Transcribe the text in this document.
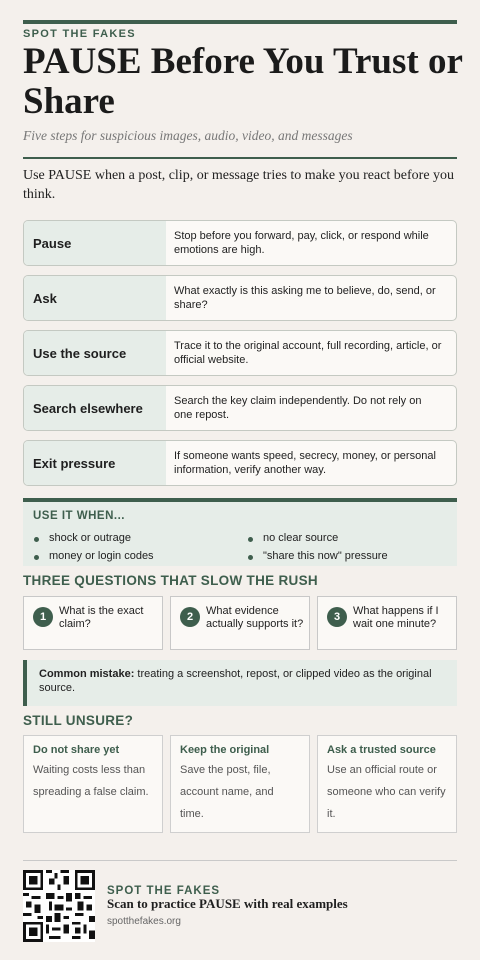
SPOT THE FAKES
PAUSE Before You Trust or Share
Five steps for suspicious images, audio, video, and messages
Use PAUSE when a post, clip, or message tries to make you react before you think.
Pause	Stop before you forward, pay, click, or respond while emotions are high.
Ask	What exactly is this asking me to believe, do, send, or share?
Use the source	Trace it to the original account, full recording, article, or official website.
Search elsewhere	Search the key claim independently. Do not rely on one repost.
Exit pressure	If someone wants speed, secrecy, money, or personal information, verify another way.
USE IT WHEN...
shock or outrage	no clear source
money or login codes	"share this now" pressure
THREE QUESTIONS THAT SLOW THE RUSH
1	What is the exact claim?
2	What evidence actually supports it?
3	What happens if I wait one minute?
Common mistake: treating a screenshot, repost, or clipped video as the original source.
STILL UNSURE?
Do not share yet
Waiting costs less than spreading a false claim.
Keep the original
Save the post, file, account name, and time.
Ask a trusted source
Use an official route or someone who can verify it.
SPOT THE FAKES
Scan to practice PAUSE with real examples
spotthefakes.org
